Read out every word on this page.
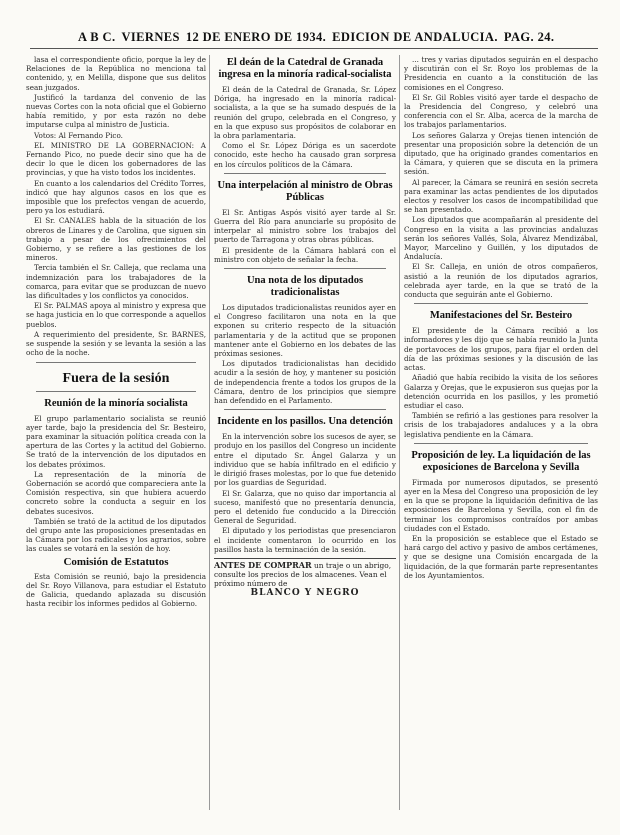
A B C. VIERNES 12 DE ENERO DE 1934. EDICION DE ANDALUCIA. PAG. 24.

lasa el correspondiente oficio, porque la ley de Relaciones de la República no menciona tal contenido, y, en Melilla, dispone que sus delitos sean juzgados.

Justificó la tardanza del convenio de las nuevas Cortes con la nota oficial que el Gobierno había remitido, y por esta razón no debe imputarse culpa al ministro de Justicia.

Votos: Al Fernando Pico.

EL MINISTRO DE LA GOBERNACION: A Fernando Pico, no puede decir sino que ha de decir lo que le dicen los gobernadores de las provincias, y que ha visto todos los incidentes.

En cuanto a los calendarios del Crédito Torres, indicó que hay algunos casos en los que es imposible que los prefectos vengan de acuerdo, pero ya los estudiará.

El Sr. CANALES habla de la situación de los obreros de Linares y de Carolina, que siguen sin trabajo a pesar de los ofrecimientos del Gobierno, y se refiere a las gestiones de los mineros.

Tercia también el Sr. Calleja, que reclama una indemnización para los trabajadores de la comarca, para evitar que se produzcan de nuevo las dificultades y los conflictos ya conocidos.

El Sr. PALMAS apoya al ministro y expresa que se haga justicia en lo que corresponde a aquellos pueblos.

A requerimiento del presidente, Sr. BARNES, se suspende la sesión y se levanta la sesión a las ocho de la noche.

Fuera de la sesión
Reunión de la minoría socialista

El grupo parlamentario socialista se reunió ayer tarde, bajo la presidencia del Sr. Besteiro, para examinar la situación política creada con la apertura de las Cortes y la actitud del Gobierno. Se trató de la intervención de los diputados en los debates próximos.

La representación de la minoría de Gobernación se acordó que compareciera ante la Comisión respectiva, sin que hubiera acuerdo concreto sobre la conducta a seguir en los debates sucesivos.

También se trató de la actitud de los diputados del grupo ante las proposiciones presentadas en la Cámara por los radicales y los agrarios, sobre las cuales se votará en la sesión de hoy.

Comisión de Estatutos

Esta Comisión se reunió, bajo la presidencia del Sr. Royo Villanova, para estudiar el Estatuto de Galicia, quedando aplazada su discusión hasta recibir los informes pedidos al Gobierno.

El deán de la Catedral de Granada ingresa en la minoría radical-socialista

El deán de la Catedral de Granada, Sr. López Dóriga, ha ingresado en la minoría radical-socialista, a la que se ha sumado después de la reunión del grupo, celebrada en el Congreso, y en la que expuso sus propósitos de colaborar en la obra parlamentaria.

Como el Sr. López Dóriga es un sacerdote conocido, este hecho ha causado gran sorpresa en los círculos políticos de la Cámara.

Una interpelación al ministro de Obras Públicas

El Sr. Antigas Aspós visitó ayer tarde al Sr. Guerra del Río para anunciarle su propósito de interpelar al ministro sobre los trabajos del puerto de Tarragona y otras obras públicas.

El presidente de la Cámara hablará con el ministro con objeto de señalar la fecha.

Una nota de los diputados tradicionalistas

Los diputados tradicionalistas reunidos ayer en el Congreso facilitaron una nota en la que exponen su criterio respecto de la situación parlamentaria y de la actitud que se proponen mantener ante el Gobierno en los debates de las próximas sesiones.

Los diputados tradicionalistas han decidido acudir a la sesión de hoy, y mantener su posición de independencia frente a todos los grupos de la Cámara, dentro de los principios que siempre han defendido en el Parlamento.

Incidente en los pasillos. Una detención

En la intervención sobre los sucesos de ayer, se produjo en los pasillos del Congreso un incidente entre el diputado Sr. Ángel Galarza y un individuo que se había infiltrado en el edificio y le dirigió frases molestas, por lo que fue detenido por los guardias de Seguridad.

El Sr. Galarza, que no quiso dar importancia al suceso, manifestó que no presentaría denuncia, pero el detenido fue conducido a la Dirección General de Seguridad.

El diputado y los periodistas que presenciaron el incidente comentaron lo ocurrido en los pasillos hasta la terminación de la sesión.

ANTES DE COMPRAR un traje o un abrigo, consulte los precios de los almacenes. Vean el próximo número de
BLANCO Y NEGRO

... tres y varias diputados seguirán en el despacho y discutirán con el Sr. Royo los problemas de la Presidencia en cuanto a la constitución de las comisiones en el Congreso.

El Sr. Gil Robles visitó ayer tarde el despacho de la Presidencia del Congreso, y celebró una conferencia con el Sr. Alba, acerca de la marcha de los trabajos parlamentarios.

Los señores Galarza y Orejas tienen intención de presentar una proposición sobre la detención de un diputado, que ha originado grandes comentarios en la Cámara, y quieren que se discuta en la primera sesión.

Al parecer, la Cámara se reunirá en sesión secreta para examinar las actas pendientes de los diputados electos y resolver los casos de incompatibilidad que se han presentado.

Los diputados que acompañarán al presidente del Congreso en la visita a las provincias andaluzas serán los señores Vallés, Sola, Álvarez Mendizábal, Mayor, Marcelino y Guillén, y los diputados de Andalucía.

El Sr. Calleja, en unión de otros compañeros, asistió a la reunión de los diputados agrarios, celebrada ayer tarde, en la que se trató de la conducta que seguirán ante el Gobierno.

Manifestaciones del Sr. Besteiro

El presidente de la Cámara recibió a los informadores y les dijo que se había reunido la Junta de portavoces de los grupos, para fijar el orden del día de las próximas sesiones y la discusión de las actas.

Añadió que había recibido la visita de los señores Galarza y Orejas, que le expusieron sus quejas por la detención ocurrida en los pasillos, y les prometió estudiar el caso.

También se refirió a las gestiones para resolver la crisis de los trabajadores andaluces y a la obra legislativa pendiente en la Cámara.

Proposición de ley. La liquidación de las exposiciones de Barcelona y Sevilla

Firmada por numerosos diputados, se presentó ayer en la Mesa del Congreso una proposición de ley en la que se propone la liquidación definitiva de las exposiciones de Barcelona y Sevilla, con el fin de terminar los compromisos contraídos por ambas ciudades con el Estado.

En la proposición se establece que el Estado se hará cargo del activo y pasivo de ambos certámenes, y que se designe una Comisión encargada de la liquidación, de la que formarán parte representantes de los Ayuntamientos.
